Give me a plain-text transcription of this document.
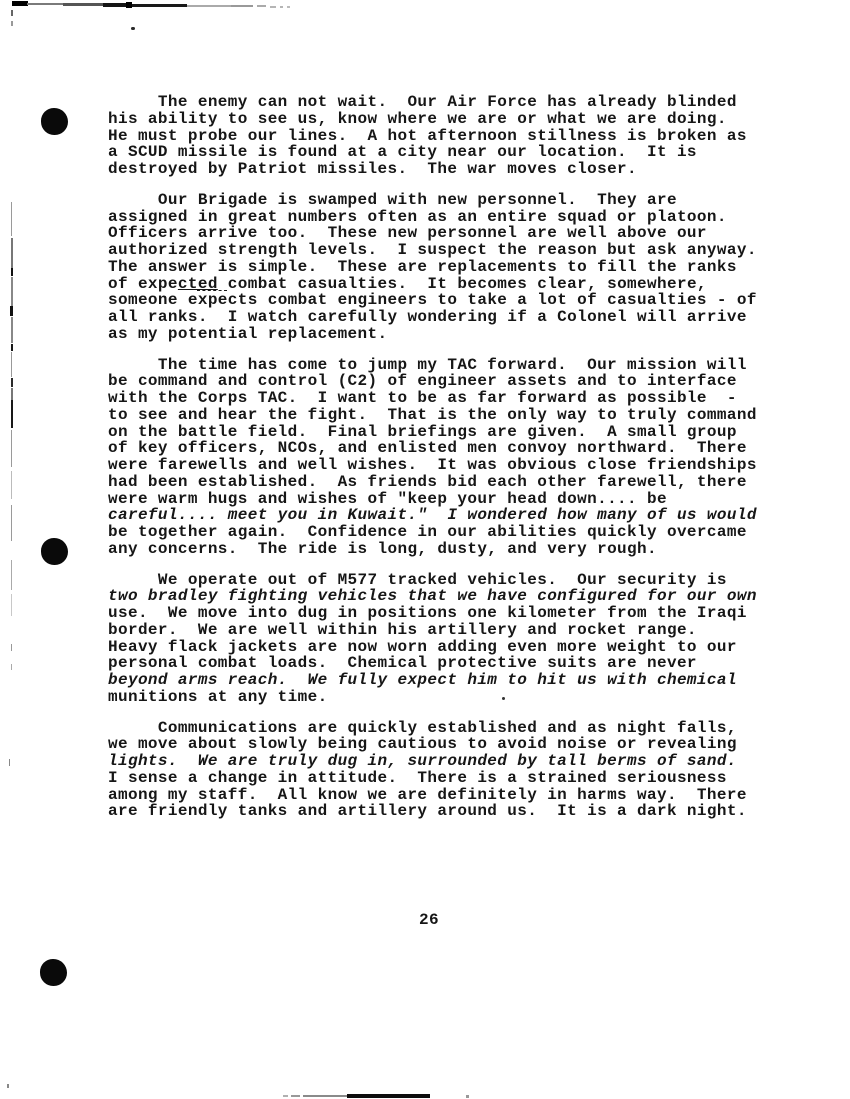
The enemy can not wait.  Our Air Force has already blinded
his ability to see us, know where we are or what we are doing.
He must probe our lines.  A hot afternoon stillness is broken as
a SCUD missile is found at a city near our location.  It is
destroyed by Patriot missiles.  The war moves closer.

Our Brigade is swamped with new personnel.  They are
assigned in great numbers often as an entire squad or platoon.
Officers arrive too.  These new personnel are well above our
authorized strength levels.  I suspect the reason but ask anyway.
The answer is simple.  These are replacements to fill the ranks
of expected combat casualties.  It becomes clear, somewhere,
someone expects combat engineers to take a lot of casualties - of
all ranks.  I watch carefully wondering if a Colonel will arrive
as my potential replacement.

The time has come to jump my TAC forward.  Our mission will
be command and control (C2) of engineer assets and to interface
with the Corps TAC.  I want to be as far forward as possible  -
to see and hear the fight.  That is the only way to truly command
on the battle field.  Final briefings are given.  A small group
of key officers, NCOs, and enlisted men convoy northward.  There
were farewells and well wishes.  It was obvious close friendships
had been established.  As friends bid each other farewell, there
were warm hugs and wishes of "keep your head down.... be
careful.... meet you in Kuwait."  I wondered how many of us would
be together again.  Confidence in our abilities quickly overcame
any concerns.  The ride is long, dusty, and very rough.

We operate out of M577 tracked vehicles.  Our security is
two bradley fighting vehicles that we have configured for our own
use.  We move into dug in positions one kilometer from the Iraqi
border.  We are well within his artillery and rocket range.
Heavy flack jackets are now worn adding even more weight to our
personal combat loads.  Chemical protective suits are never
beyond arms reach.  We fully expect him to hit us with chemical
munitions at any time.

Communications are quickly established and as night falls,
we move about slowly being cautious to avoid noise or revealing
lights.  We are truly dug in, surrounded by tall berms of sand.
I sense a change in attitude.  There is a strained seriousness
among my staff.  All know we are definitely in harms way.  There
are friendly tanks and artillery around us.  It is a dark night.

26
